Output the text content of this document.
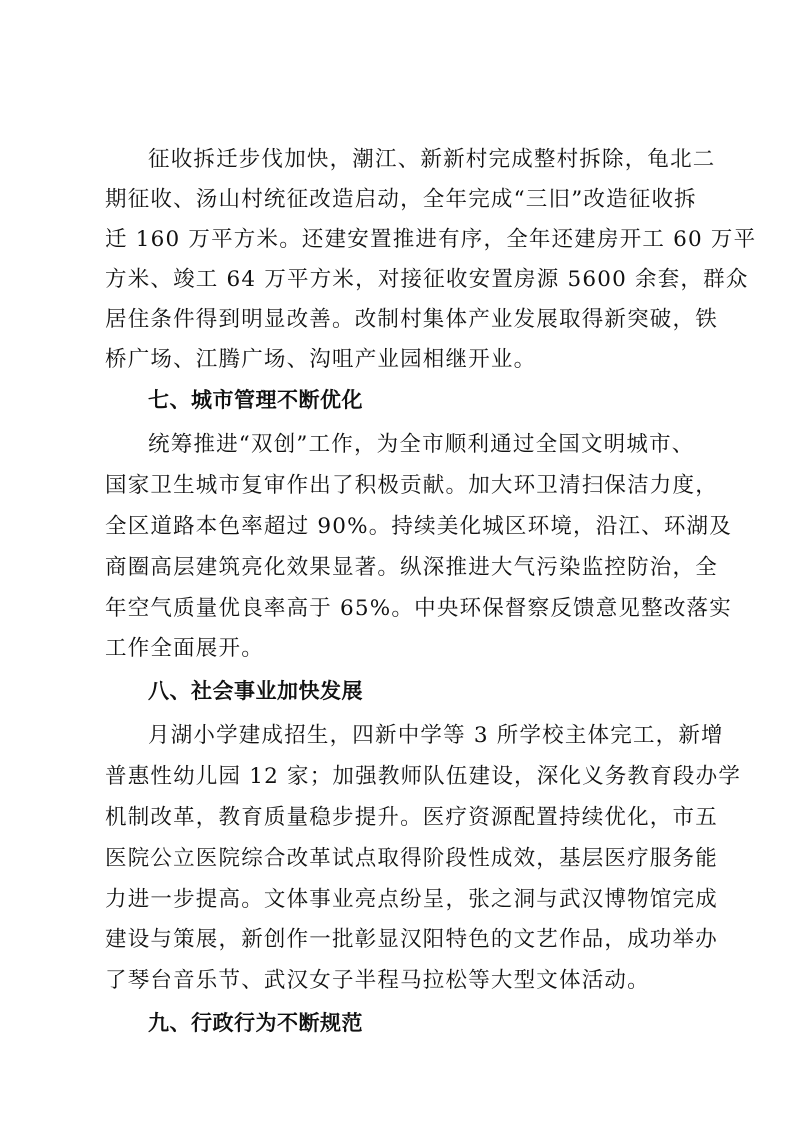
征收拆迁步伐加快，潮江、新新村完成整村拆除，龟北二
期征收、汤山村统征改造启动，全年完成“三旧”改造征收拆
迁 160 万平方米。还建安置推进有序，全年还建房开工 60 万平
方米、竣工 64 万平方米，对接征收安置房源 5600 余套，群众
居住条件得到明显改善。改制村集体产业发展取得新突破，铁
桥广场、江腾广场、沟咀产业园相继开业。
七、城市管理不断优化
统筹推进“双创”工作，为全市顺利通过全国文明城市、
国家卫生城市复审作出了积极贡献。加大环卫清扫保洁力度，
全区道路本色率超过 90%。持续美化城区环境，沿江、环湖及
商圈高层建筑亮化效果显著。纵深推进大气污染监控防治，全
年空气质量优良率高于 65%。中央环保督察反馈意见整改落实
工作全面展开。
八、社会事业加快发展
月湖小学建成招生，四新中学等 3 所学校主体完工，新增
普惠性幼儿园 12 家；加强教师队伍建设，深化义务教育段办学
机制改革，教育质量稳步提升。医疗资源配置持续优化，市五
医院公立医院综合改革试点取得阶段性成效，基层医疗服务能
力进一步提高。文体事业亮点纷呈，张之洞与武汉博物馆完成
建设与策展，新创作一批彰显汉阳特色的文艺作品，成功举办
了琴台音乐节、武汉女子半程马拉松等大型文体活动。
九、行政行为不断规范
